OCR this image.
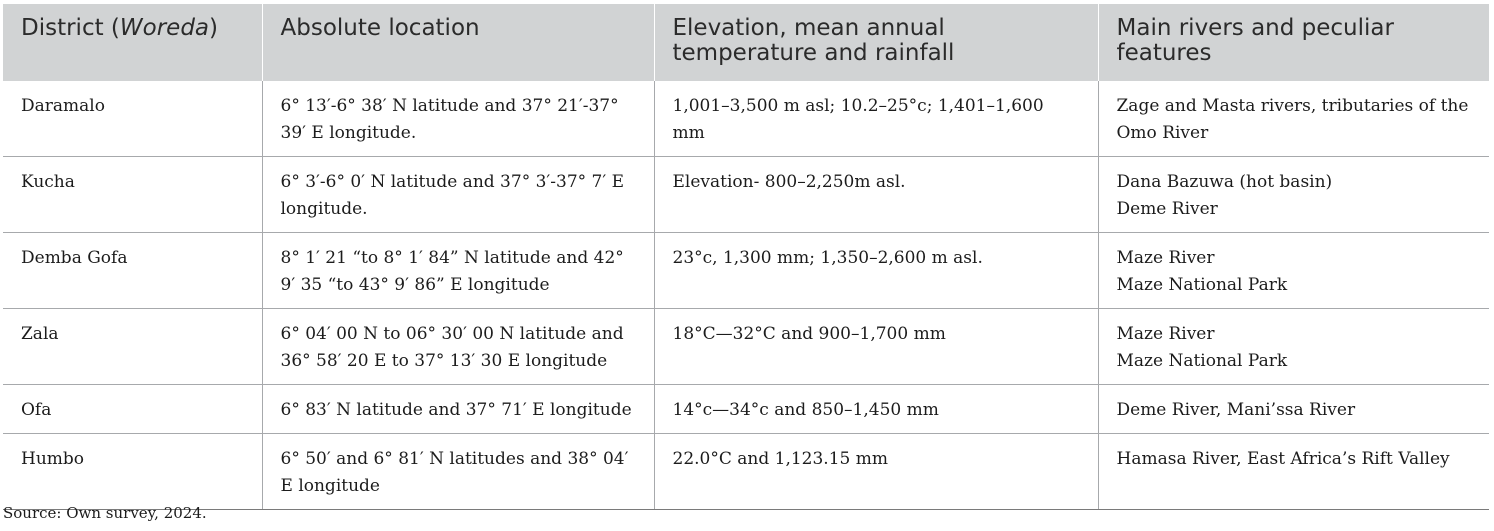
District (Woreda)	Absolute location	Elevation, mean annual temperature and rainfall	Main rivers and peculiar features
Daramalo	6° 13′-6° 38′ N latitude and 37° 21′-37° 39′ E longitude.	1,001–3,500 m asl; 10.2–25°c; 1,401–1,600 mm	Zage and Masta rivers, tributaries of the Omo River

Kucha	6° 3′-6° 0′ N latitude and 37° 3′-37° 7′ E longitude.	Elevation- 800–2,250m asl.	Dana Bazuwa (hot basin)
Deme River

Demba Gofa	8° 1′ 21 “to 8° 1′ 84” N latitude and 42° 9′ 35 “to 43° 9′ 86” E longitude	23°c, 1,300 mm; 1,350–2,600 m asl.	Maze River
Maze National Park

Zala	6° 04′ 00 N to 06° 30′ 00 N latitude and 36° 58′ 20 E to 37° 13′ 30 E longitude	18°C—32°C and 900–1,700 mm	Maze River
Maze National Park

Ofa	6° 83′ N latitude and 37° 71′ E longitude	14°c—34°c and 850–1,450 mm	Deme River, Mani’ssa River

Humbo	6° 50′ and 6° 81′ N latitudes and 38° 04′ E longitude	22.0°C and 1,123.15 mm	Hamasa River, East Africa’s Rift Valley
Source: Own survey, 2024.
